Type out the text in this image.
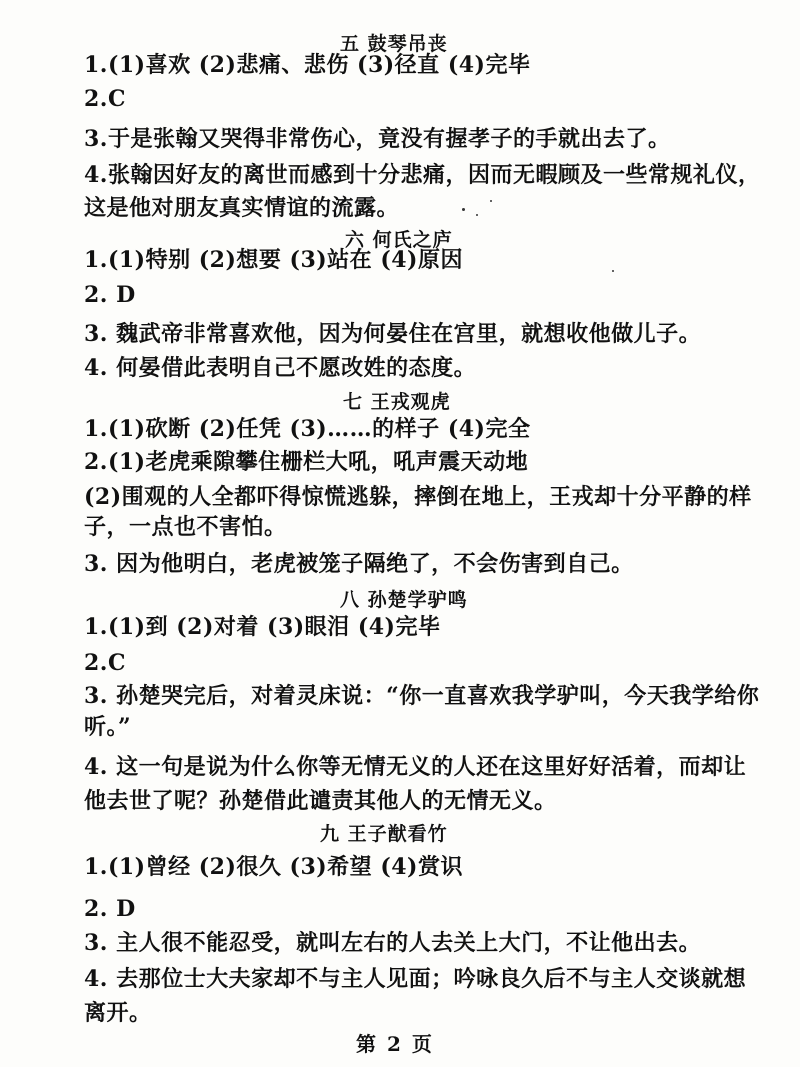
五 鼓琴吊丧
1.(1)喜欢 (2)悲痛、悲伤 (3)径直 (4)完毕
2.C
3.于是张翰又哭得非常伤心，竟没有握孝子的手就出去了。
4.张翰因好友的离世而感到十分悲痛，因而无暇顾及一些常规礼仪，
这是他对朋友真实情谊的流露。
六 何氏之庐
1.(1)特别 (2)想要 (3)站在 (4)原因
2. D
3. 魏武帝非常喜欢他，因为何晏住在宫里，就想收他做儿子。
4. 何晏借此表明自己不愿改姓的态度。
七 王戎观虎
1.(1)砍断 (2)任凭 (3)……的样子 (4)完全
2.(1)老虎乘隙攀住栅栏大吼，吼声震天动地
(2)围观的人全都吓得惊慌逃躲，摔倒在地上，王戎却十分平静的样
子，一点也不害怕。
3. 因为他明白，老虎被笼子隔绝了，不会伤害到自己。
八 孙楚学驴鸣
1.(1)到 (2)对着 (3)眼泪 (4)完毕
2.C
3. 孙楚哭完后，对着灵床说：“你一直喜欢我学驴叫，今天我学给你
听。”
4. 这一句是说为什么你等无情无义的人还在这里好好活着，而却让
他去世了呢？孙楚借此谴责其他人的无情无义。
九 王子猷看竹
1.(1)曾经 (2)很久 (3)希望 (4)赏识
2. D
3. 主人很不能忍受，就叫左右的人去关上大门，不让他出去。
4. 去那位士大夫家却不与主人见面；吟咏良久后不与主人交谈就想
离开。
第 2 页
